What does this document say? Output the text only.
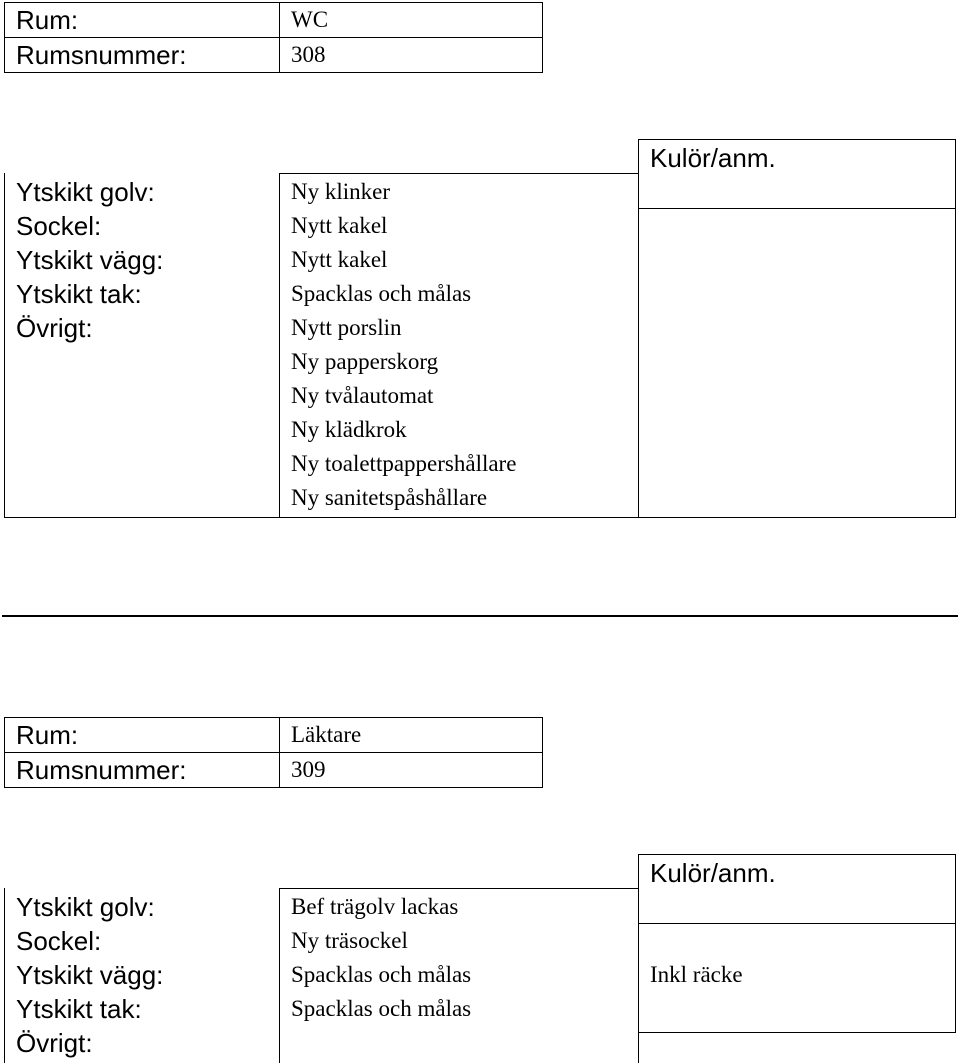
Rum:	WC
Rumsnummer:	308
Kulör/anm.
Ytskikt golv:	Ny klinker
Sockel:	Nytt kakel
Ytskikt vägg:	Nytt kakel
Ytskikt tak:	Spacklas och målas
Övrigt:	Nytt porslin
Ny papperskorg
Ny tvålautomat
Ny klädkrok
Ny toalettpappershållare
Ny sanitetspåshållare
Rum:	Läktare
Rumsnummer:	309
Kulör/anm.
Ytskikt golv:	Bef trägolv lackas
Sockel:	Ny träsockel
Ytskikt vägg:	Spacklas och målas	Inkl räcke
Ytskikt tak:	Spacklas och målas
Övrigt:
